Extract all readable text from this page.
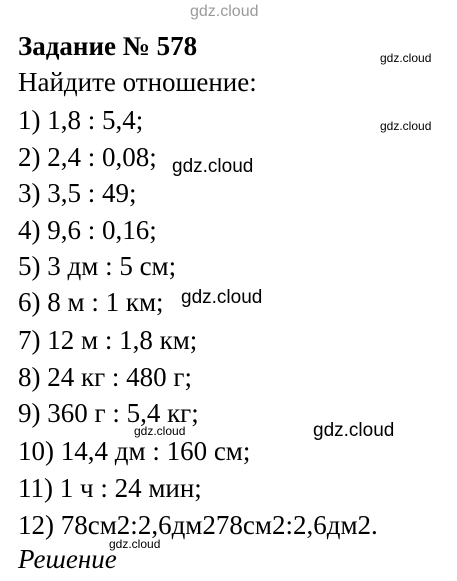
gdz.cloud
Задание № 578	gdz.cloud
Найдите отношение:
1) 1,8 : 5,4;	gdz.cloud
2) 2,4 : 0,08; gdz.cloud
3) 3,5 : 49;
4) 9,6 : 0,16;
5) 3 дм : 5 см;
6) 8 м : 1 км; gdz.cloud
7) 12 м : 1,8 км;
8) 24 кг : 480 г;
9) 360 г : 5,4 кг;
gdz.cloud	gdz.cloud
10) 14,4 дм : 160 см;
11) 1 ч : 24 мин;
12) 78см2:2,6дм278см2:2,6дм2.
gdz.cloud
Решение
